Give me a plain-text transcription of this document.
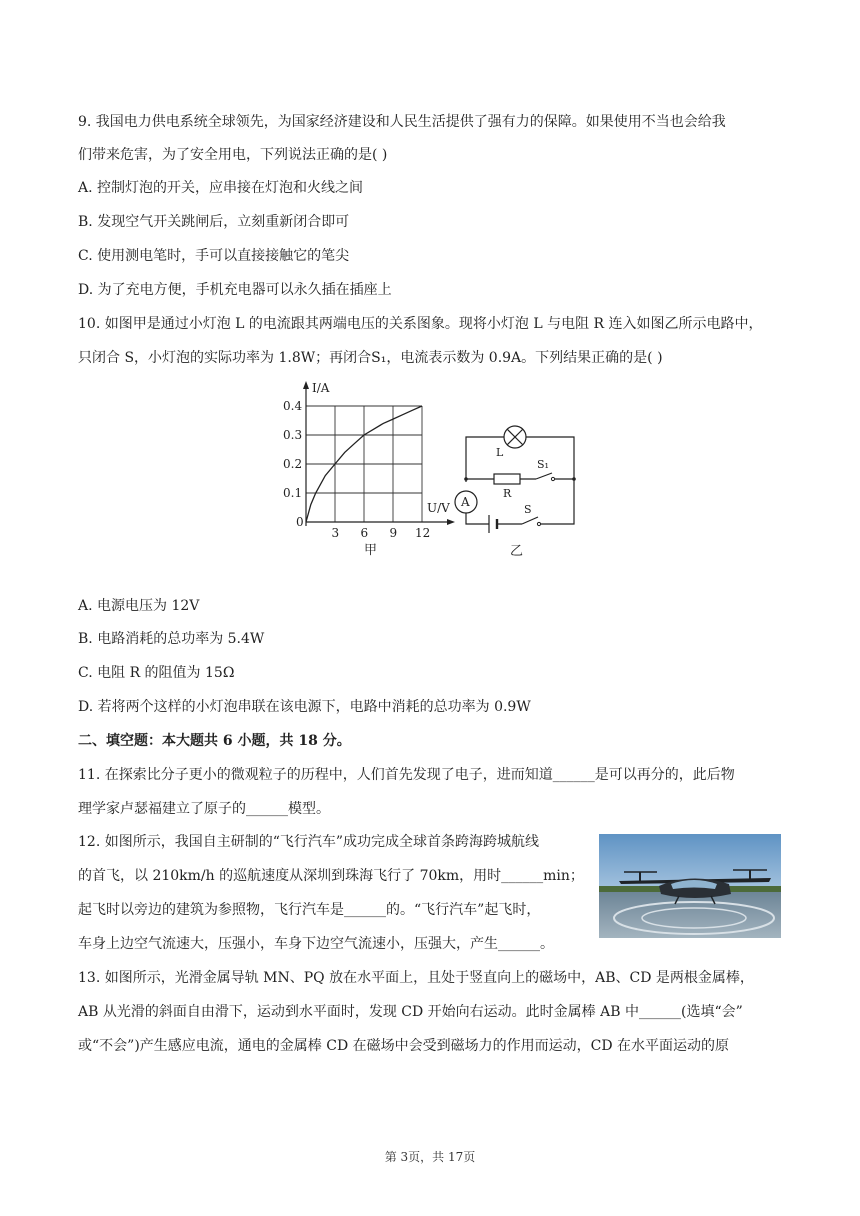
9. 我国电力供电系统全球领先，为国家经济建设和人民生活提供了强有力的保障。如果使用不当也会给我
们带来危害，为了安全用电，下列说法正确的是( )
A. 控制灯泡的开关，应串接在灯泡和火线之间
B. 发现空气开关跳闸后，立刻重新闭合即可
C. 使用测电笔时，手可以直接接触它的笔尖
D. 为了充电方便，手机充电器可以永久插在插座上
10. 如图甲是通过小灯泡 L 的电流跟其两端电压的关系图象。现将小灯泡 L 与电阻 R 连入如图乙所示电路中，
只闭合 S，小灯泡的实际功率为 1.8W；再闭合S₁，电流表示数为 0.9A。下列结果正确的是( )
I/A
U/V
0
0.1
0.2
0.3
0.4
3 6 9 12
甲
L
R
S₁
A
S
乙
A. 电源电压为 12V
B. 电路消耗的总功率为 5.4W
C. 电阻 R 的阻值为 15Ω
D. 若将两个这样的小灯泡串联在该电源下，电路中消耗的总功率为 0.9W
二、填空题：本大题共 6 小题，共 18 分。
11. 在探索比分子更小的微观粒子的历程中，人们首先发现了电子，进而知道______是可以再分的，此后物
理学家卢瑟福建立了原子的______模型。
12. 如图所示，我国自主研制的“飞行汽车”成功完成全球首条跨海跨城航线
的首飞，以 210km/h 的巡航速度从深圳到珠海飞行了 70km，用时______min；
起飞时以旁边的建筑为参照物，飞行汽车是______的。“飞行汽车”起飞时，
车身上边空气流速大，压强小，车身下边空气流速小，压强大，产生______。
13. 如图所示，光滑金属导轨 MN、PQ 放在水平面上，且处于竖直向上的磁场中，AB、CD 是两根金属棒，
AB 从光滑的斜面自由滑下，运动到水平面时，发现 CD 开始向右运动。此时金属棒 AB 中______(选填“会”
或“不会”)产生感应电流，通电的金属棒 CD 在磁场中会受到磁场力的作用而运动，CD 在水平面运动的原
第 3页，共 17页
